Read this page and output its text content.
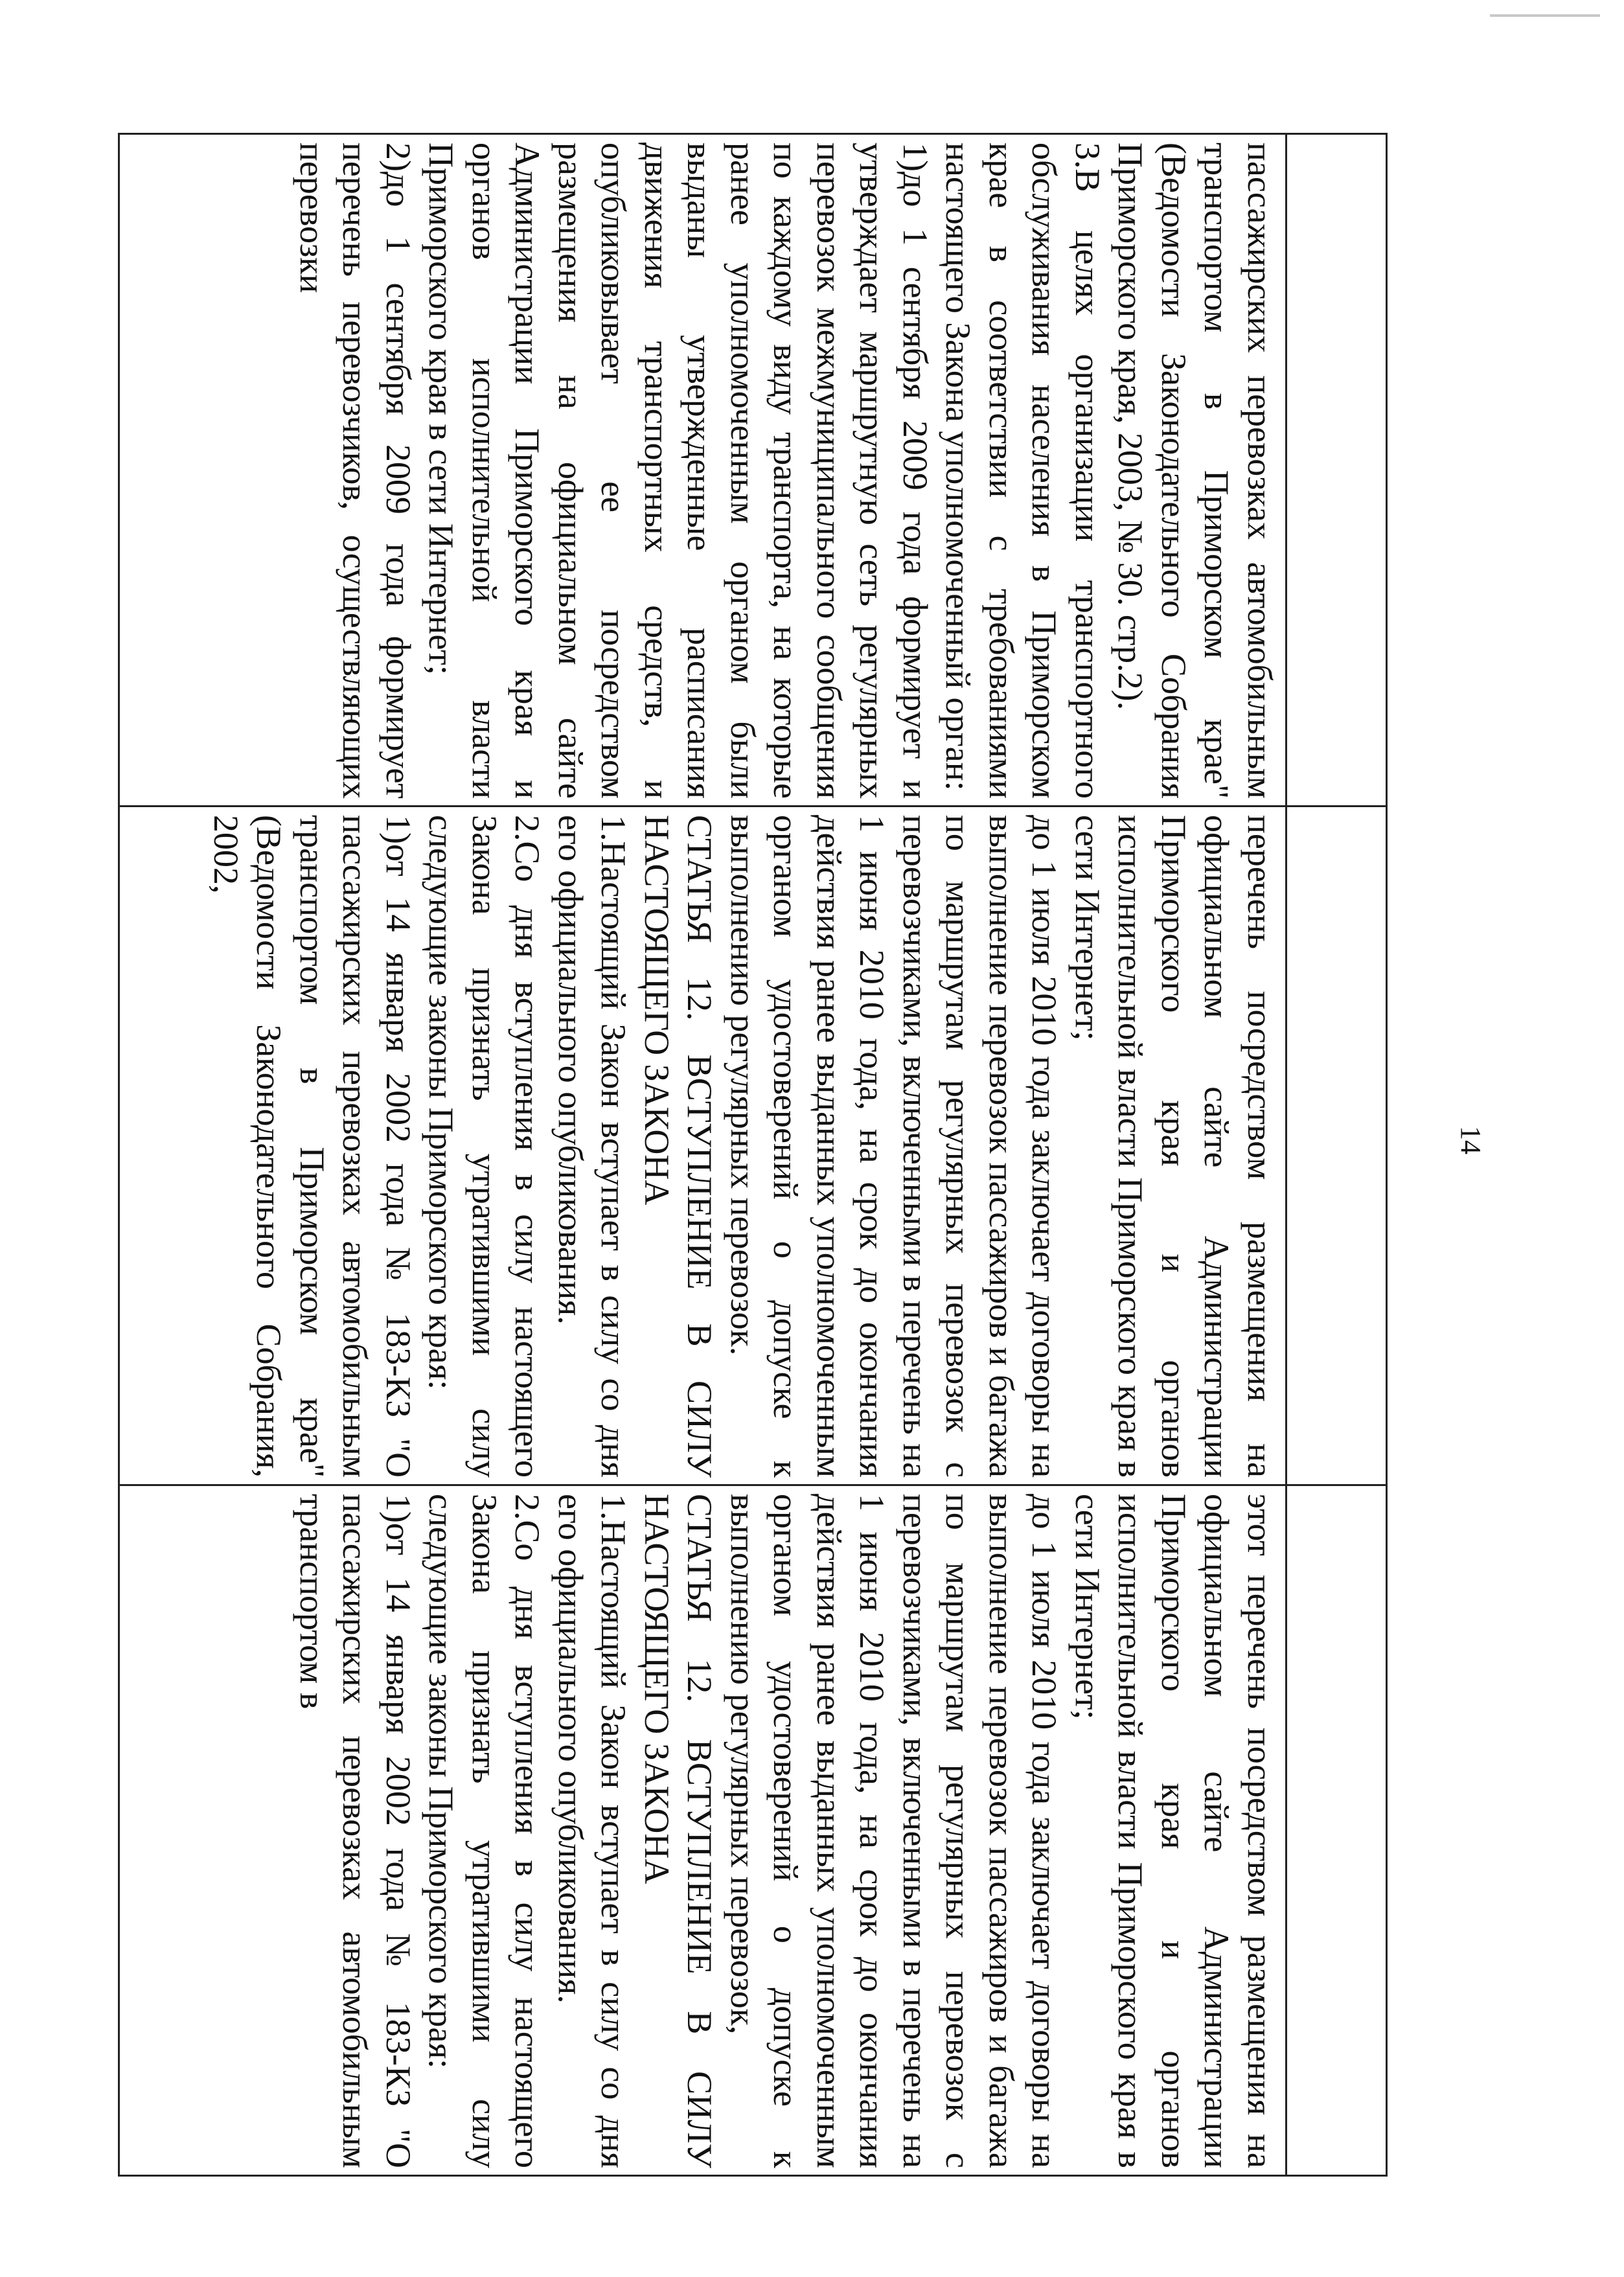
14

пассажирских перевозках автомобильным транспортом в Приморском крае" (Ведомости Законодательного Собрания Приморского края, 2003, № 30. стр.2).

3.В целях организации транспортного обслуживания населения в Приморском крае в соответствии с требованиями настоящего Закона уполномоченный орган:

1)до 1 сентября 2009 года формирует и утверждает маршрутную сеть регулярных перевозок межмуниципального сообщения по каждому виду транспорта, на которые ранее уполномоченным органом были выданы утвержденные расписания движения транспортных средств, и опубликовывает ее посредством размещения на официальном сайте Администрации Приморского края и органов исполнительной власти Приморского края в сети Интернет;

2)до 1 сентября 2009 года формирует перечень перевозчиков, осуществляющих перевозки

перечень посредством размещения на официальном сайте Администрации Приморского края и органов исполнительной власти Приморского края в сети Интернет;

до 1 июля 2010 года заключает договоры на выполнение перевозок пассажиров и багажа по маршрутам регулярных перевозок с перевозчиками, включенными в перечень на 1 июня 2010 года, на срок до окончания действия ранее выданных уполномоченным органом удостоверений о допуске к выполнению регулярных перевозок.

СТАТЬЯ 12. ВСТУПЛЕНИЕ В СИЛУ НАСТОЯЩЕГО ЗАКОНА

1.Настоящий Закон вступает в силу со дня его официального опубликования.

2.Со дня вступления в силу настоящего Закона признать утратившими силу следующие законы Приморского края:

1)от 14 января 2002 года № 183-КЗ "О пассажирских перевозках автомобильным транспортом в Приморском крае" (Ведомости Законодательного Собрания, 2002,

этот перечень посредством размещения на официальном сайте Администрации Приморского края и органов исполнительной власти Приморского края в сети Интернет;

до 1 июля 2010 года заключает договоры на выполнение перевозок пассажиров и багажа по маршрутам регулярных перевозок с перевозчиками, включенными в перечень на 1 июня 2010 года, на срок до окончания действия ранее выданных уполномоченным органом удостоверений о допуске к выполнению регулярных перевозок,

СТАТЬЯ 12. ВСТУПЛЕНИЕ В СИЛУ НАСТОЯЩЕГО ЗАКОНА

1.Настоящий Закон вступает в силу со дня его официального опубликования.

2.Со дня вступления в силу настоящего Закона признать утратившими силу следующие законы Приморского края:

1)от 14 января 2002 года № 183-КЗ "О пассажирских перевозках автомобильным транспортом в
